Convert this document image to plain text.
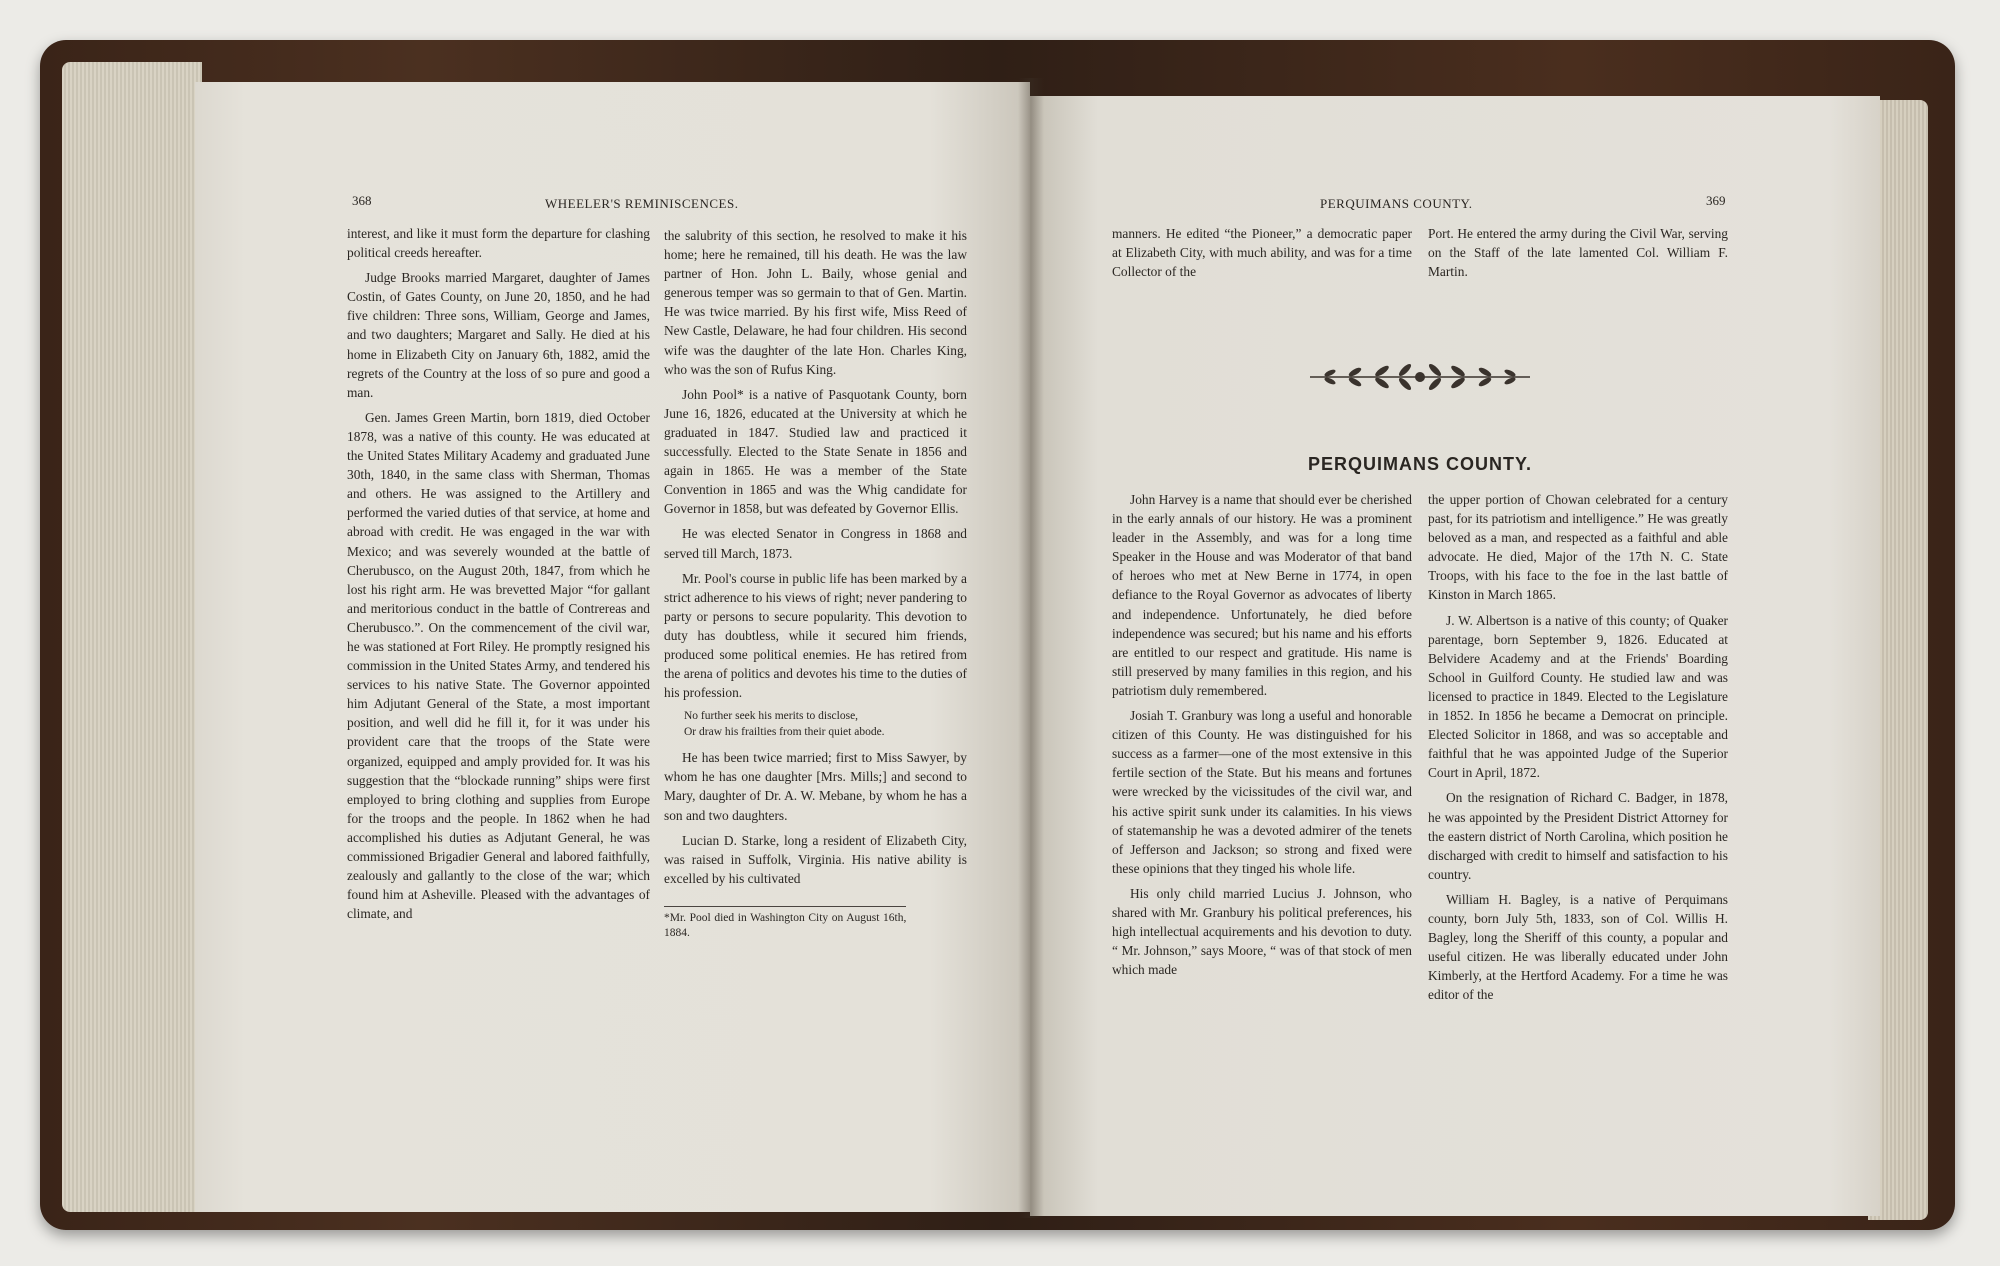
368	WHEELER'S REMINISCENCES.

interest, and like it must form the departure for clashing political creeds hereafter.

Judge Brooks married Margaret, daughter of James Costin, of Gates County, on June 20, 1850, and he had five children: Three sons, William, George and James, and two daughters; Margaret and Sally. He died at his home in Elizabeth City on January 6th, 1882, amid the regrets of the Country at the loss of so pure and good a man.

Gen. James Green Martin, born 1819, died October 1878, was a native of this county. He was educated at the United States Military Academy and graduated June 30th, 1840, in the same class with Sherman, Thomas and others. He was assigned to the Artillery and performed the varied duties of that service, at home and abroad with credit. He was engaged in the war with Mexico; and was severely wounded at the battle of Cherubusco, on the August 20th, 1847, from which he lost his right arm. He was brevetted Major “for gallant and meritorious conduct in the battle of Contrereas and Cherubusco.”. On the commencement of the civil war, he was stationed at Fort Riley. He promptly resigned his commission in the United States Army, and tendered his services to his native State. The Governor appointed him Adjutant General of the State, a most important position, and well did he fill it, for it was under his provident care that the troops of the State were organized, equipped and amply provided for. It was his suggestion that the “blockade running” ships were first employed to bring clothing and supplies from Europe for the troops and the people. In 1862 when he had accomplished his duties as Adjutant General, he was commissioned Brigadier General and labored faithfully, zealously and gallantly to the close of the war; which found him at Asheville. Pleased with the advantages of climate, and

the salubrity of this section, he resolved to make it his home; here he remained, till his death. He was the law partner of Hon. John L. Baily, whose genial and generous temper was so germain to that of Gen. Martin. He was twice married. By his first wife, Miss Reed of New Castle, Delaware, he had four children. His second wife was the daughter of the late Hon. Charles King, who was the son of Rufus King.

John Pool* is a native of Pasquotank County, born June 16, 1826, educated at the University at which he graduated in 1847. Studied law and practiced it successfully. Elected to the State Senate in 1856 and again in 1865. He was a member of the State Convention in 1865 and was the Whig candidate for Governor in 1858, but was defeated by Governor Ellis.

He was elected Senator in Congress in 1868 and served till March, 1873.

Mr. Pool's course in public life has been marked by a strict adherence to his views of right; never pandering to party or persons to secure popularity. This devotion to duty has doubtless, while it secured him friends, produced some political enemies. He has retired from the arena of politics and devotes his time to the duties of his profession.

No further seek his merits to disclose,
Or draw his frailties from their quiet abode.

He has been twice married; first to Miss Sawyer, by whom he has one daughter [Mrs. Mills;] and second to Mary, daughter of Dr. A. W. Mebane, by whom he has a son and two daughters.

Lucian D. Starke, long a resident of Elizabeth City, was raised in Suffolk, Virginia. His native ability is excelled by his cultivated

*Mr. Pool died in Washington City on August 16th, 1884.
PERQUIMANS COUNTY.	369

manners. He edited “the Pioneer,” a democratic paper at Elizabeth City, with much ability, and was for a time Collector of the

Port. He entered the army during the Civil War, serving on the Staff of the late lamented Col. William F. Martin.

PERQUIMANS COUNTY.

John Harvey is a name that should ever be cherished in the early annals of our history. He was a prominent leader in the Assembly, and was for a long time Speaker in the House and was Moderator of that band of heroes who met at New Berne in 1774, in open defiance to the Royal Governor as advocates of liberty and independence. Unfortunately, he died before independence was secured; but his name and his efforts are entitled to our respect and gratitude. His name is still preserved by many families in this region, and his patriotism duly remembered.

Josiah T. Granbury was long a useful and honorable citizen of this County. He was distinguished for his success as a farmer—one of the most extensive in this fertile section of the State. But his means and fortunes were wrecked by the vicissitudes of the civil war, and his active spirit sunk under its calamities. In his views of statemanship he was a devoted admirer of the tenets of Jefferson and Jackson; so strong and fixed were these opinions that they tinged his whole life.

His only child married Lucius J. Johnson, who shared with Mr. Granbury his political preferences, his high intellectual acquirements and his devotion to duty. “ Mr. Johnson,” says Moore, “ was of that stock of men which made

the upper portion of Chowan celebrated for a century past, for its patriotism and intelligence.” He was greatly beloved as a man, and respected as a faithful and able advocate. He died, Major of the 17th N. C. State Troops, with his face to the foe in the last battle of Kinston in March 1865.

J. W. Albertson is a native of this county; of Quaker parentage, born September 9, 1826. Educated at Belvidere Academy and at the Friends' Boarding School in Guilford County. He studied law and was licensed to practice in 1849. Elected to the Legislature in 1852. In 1856 he became a Democrat on principle. Elected Solicitor in 1868, and was so acceptable and faithful that he was appointed Judge of the Superior Court in April, 1872.

On the resignation of Richard C. Badger, in 1878, he was appointed by the President District Attorney for the eastern district of North Carolina, which position he discharged with credit to himself and satisfaction to his country.

William H. Bagley, is a native of Perquimans county, born July 5th, 1833, son of Col. Willis H. Bagley, long the Sheriff of this county, a popular and useful citizen. He was liberally educated under John Kimberly, at the Hertford Academy. For a time he was editor of the
